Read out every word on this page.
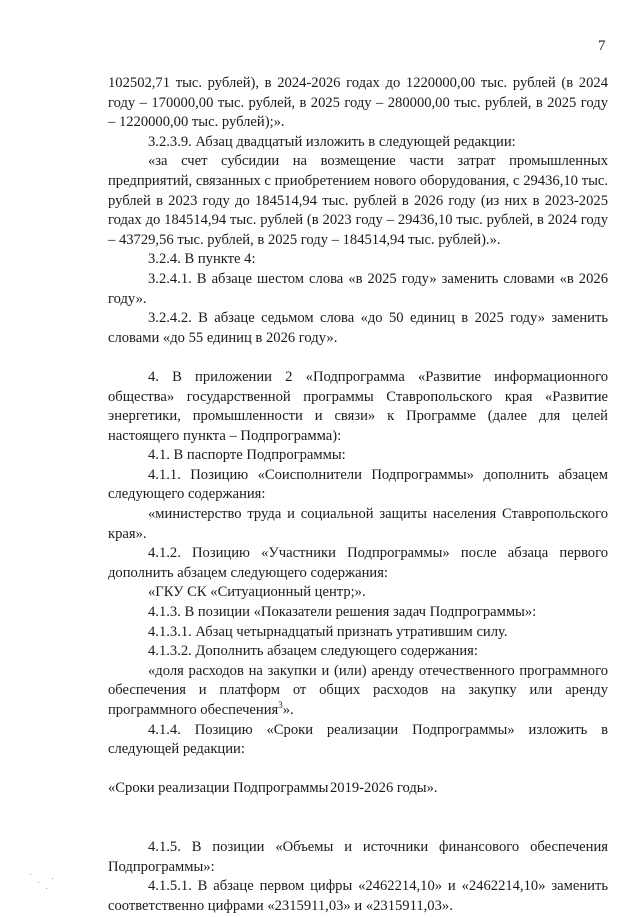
7

102502,71 тыс. рублей), в 2024-2026 годах до 1220000,00 тыс. рублей (в 2024 году – 170000,00 тыс. рублей, в 2025 году – 280000,00 тыс. рублей, в 2025 году – 1220000,00 тыс. рублей);».

3.2.3.9. Абзац двадцатый изложить в следующей редакции:

«за счет субсидии на возмещение части затрат промышленных предприятий, связанных с приобретением нового оборудования, с 29436,10 тыс. рублей в 2023 году до 184514,94 тыс. рублей в 2026 году (из них в 2023-2025 годах до 184514,94 тыс. рублей (в 2023 году – 29436,10 тыс. рублей, в 2024 году – 43729,56 тыс. рублей, в 2025 году – 184514,94 тыс. рублей).».

3.2.4. В пункте 4:

3.2.4.1. В абзаце шестом слова «в 2025 году» заменить словами «в 2026 году».

3.2.4.2. В абзаце седьмом слова «до 50 единиц в 2025 году» заменить словами «до 55 единиц в 2026 году».

4. В приложении 2 «Подпрограмма «Развитие информационного общества» государственной программы Ставропольского края «Развитие энергетики, промышленности и связи» к Программе (далее для целей настоящего пункта – Подпрограмма):

4.1. В паспорте Подпрограммы:

4.1.1. Позицию «Соисполнители Подпрограммы» дополнить абзацем следующего содержания:

«министерство труда и социальной защиты населения Ставропольского края».

4.1.2. Позицию «Участники Подпрограммы» после абзаца первого дополнить абзацем следующего содержания:

«ГКУ СК «Ситуационный центр;».

4.1.3. В позиции «Показатели решения задач Подпрограммы»:

4.1.3.1. Абзац четырнадцатый признать утратившим силу.

4.1.3.2. Дополнить абзацем следующего содержания:

«доля расходов на закупки и (или) аренду отечественного программного обеспечения и платформ от общих расходов на закупку или аренду программного обеспечения$^3$».

4.1.4. Позицию «Сроки реализации Подпрограммы» изложить в следующей редакции:

«Сроки реализации Подпрограммы 2019-2026 годы».

4.1.5. В позиции «Объемы и источники финансового обеспечения Подпрограммы»:

4.1.5.1. В абзаце первом цифры «2462214,10» и «2462214,10» заменить соответственно цифрами «2315911,03» и «2315911,03».
